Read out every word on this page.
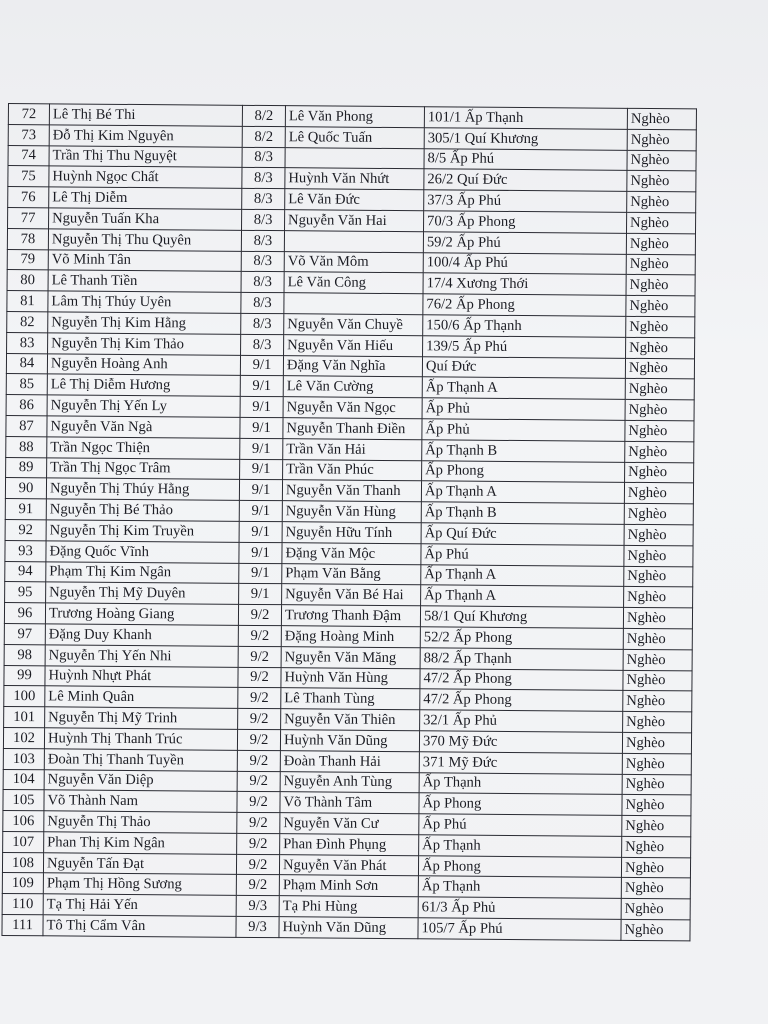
72	Lê Thị Bé Thi	8/2	Lê Văn Phong	101/1 Ấp Thạnh	Nghèo
73	Đỗ Thị Kim Nguyên	8/2	Lê Quốc Tuấn	305/1 Quí Khương	Nghèo
74	Trần Thị Thu Nguyệt	8/3		8/5 Ấp Phú	Nghèo
75	Huỳnh Ngọc Chất	8/3	Huỳnh Văn Nhứt	26/2 Quí Đức	Nghèo
76	Lê Thị Diễm	8/3	Lê Văn Đức	37/3 Ấp Phú	Nghèo
77	Nguyễn Tuấn Kha	8/3	Nguyễn Văn Hai	70/3 Ấp Phong	Nghèo
78	Nguyễn Thị Thu Quyên	8/3		59/2 Ấp Phú	Nghèo
79	Võ Minh Tân	8/3	Võ Văn Môm	100/4 Ấp Phú	Nghèo
80	Lê Thanh Tiền	8/3	Lê Văn Công	17/4 Xương Thới	Nghèo
81	Lâm Thị Thúy Uyên	8/3		76/2 Ấp Phong	Nghèo
82	Nguyễn Thị Kim Hằng	8/3	Nguyễn Văn Chuyề	150/6 Ấp Thạnh	Nghèo
83	Nguyễn Thị Kim Thảo	8/3	Nguyễn Văn Hiếu	139/5 Ấp Phú	Nghèo
84	Nguyễn Hoàng Anh	9/1	Đặng Văn Nghĩa	Quí Đức	Nghèo
85	Lê Thị Diễm Hương	9/1	Lê Văn Cường	Ấp Thạnh A	Nghèo
86	Nguyễn Thị Yến Ly	9/1	Nguyễn Văn Ngọc	Ấp Phủ	Nghèo
87	Nguyễn Văn Ngà	9/1	Nguyễn Thanh Điền	Ấp Phủ	Nghèo
88	Trần Ngọc Thiện	9/1	Trần Văn Hải	Ấp Thạnh B	Nghèo
89	Trần Thị Ngọc Trâm	9/1	Trần Văn Phúc	Ấp Phong	Nghèo
90	Nguyễn Thị Thúy Hằng	9/1	Nguyễn Văn Thanh	Ấp Thạnh A	Nghèo
91	Nguyễn Thị Bé Thảo	9/1	Nguyễn Văn Hùng	Ấp Thạnh B	Nghèo
92	Nguyễn Thị Kim Truyền	9/1	Nguyễn Hữu Tính	Ấp Quí Đức	Nghèo
93	Đặng Quốc Vĩnh	9/1	Đặng Văn Mộc	Ấp Phú	Nghèo
94	Phạm Thị Kim Ngân	9/1	Phạm Văn Bằng	Ấp Thạnh A	Nghèo
95	Nguyễn Thị Mỹ Duyên	9/1	Nguyễn Văn Bé Hai	Ấp Thạnh A	Nghèo
96	Trương Hoàng Giang	9/2	Trương Thanh Đậm	58/1 Quí Khương	Nghèo
97	Đặng Duy Khanh	9/2	Đặng Hoàng Minh	52/2 Ấp Phong	Nghèo
98	Nguyễn Thị Yến Nhi	9/2	Nguyễn Văn Măng	88/2 Ấp Thạnh	Nghèo
99	Huỳnh Nhựt Phát	9/2	Huỳnh Văn Hùng	47/2 Ấp Phong	Nghèo
100	Lê Minh Quân	9/2	Lê Thanh Tùng	47/2 Ấp Phong	Nghèo
101	Nguyễn Thị Mỹ Trinh	9/2	Nguyễn Văn Thiên	32/1 Ấp Phủ	Nghèo
102	Huỳnh Thị Thanh Trúc	9/2	Huỳnh Văn Dũng	370 Mỹ Đức	Nghèo
103	Đoàn Thị Thanh Tuyền	9/2	Đoàn Thanh Hải	371 Mỹ Đức	Nghèo
104	Nguyễn Văn Diệp	9/2	Nguyễn Anh Tùng	Ấp Thạnh	Nghèo
105	Võ Thành Nam	9/2	Võ Thành Tâm	Ấp Phong	Nghèo
106	Nguyễn Thị Thảo	9/2	Nguyễn Văn Cư	Ấp Phú	Nghèo
107	Phan Thị Kim Ngân	9/2	Phan Đình Phụng	Ấp Thạnh	Nghèo
108	Nguyễn Tấn Đạt	9/2	Nguyễn Văn Phát	Ấp Phong	Nghèo
109	Phạm Thị Hồng Sương	9/2	Phạm Minh Sơn	Ấp Thạnh	Nghèo
110	Tạ Thị Hải Yến	9/3	Tạ Phi Hùng	61/3 Ấp Phủ	Nghèo
111	Tô Thị Cẩm Vân	9/3	Huỳnh Văn Dũng	105/7 Ấp Phú	Nghèo
